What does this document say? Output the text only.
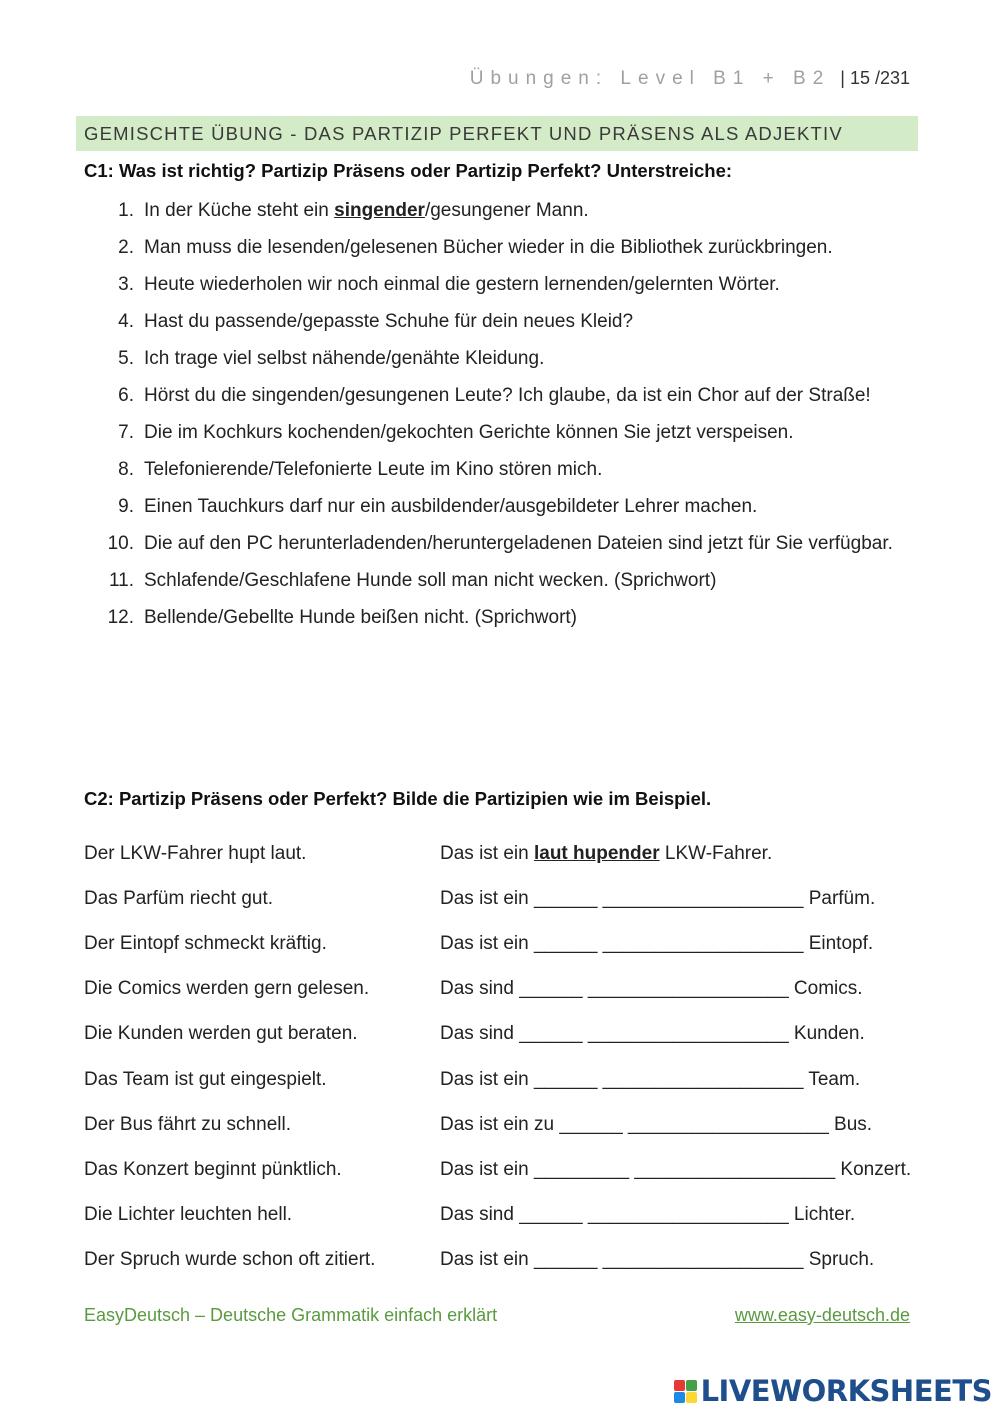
Übungen: Level B1 + B2 | 15 /231
GEMISCHTE ÜBUNG - DAS PARTIZIP PERFEKT UND PRÄSENS ALS ADJEKTIV
C1: Was ist richtig? Partizip Präsens oder Partizip Perfekt? Unterstreiche:
1. In der Küche steht ein singender/gesungener Mann.
2. Man muss die lesenden/gelesenen Bücher wieder in die Bibliothek zurückbringen.
3. Heute wiederholen wir noch einmal die gestern lernenden/gelernten Wörter.
4. Hast du passende/gepasste Schuhe für dein neues Kleid?
5. Ich trage viel selbst nähende/genähte Kleidung.
6. Hörst du die singenden/gesungenen Leute? Ich glaube, da ist ein Chor auf der Straße!
7. Die im Kochkurs kochenden/gekochten Gerichte können Sie jetzt verspeisen.
8. Telefonierende/Telefonierte Leute im Kino stören mich.
9. Einen Tauchkurs darf nur ein ausbildender/ausgebildeter Lehrer machen.
10. Die auf den PC herunterladenden/heruntergeladenen Dateien sind jetzt für Sie verfügbar.
11. Schlafende/Geschlafene Hunde soll man nicht wecken. (Sprichwort)
12. Bellende/Gebellte Hunde beißen nicht. (Sprichwort)
C2: Partizip Präsens oder Perfekt? Bilde die Partizipien wie im Beispiel.
Der LKW-Fahrer hupt laut.	Das ist ein laut hupender LKW-Fahrer.
Das Parfüm riecht gut.	Das ist ein ______ ___________________ Parfüm.
Der Eintopf schmeckt kräftig.	Das ist ein ______ ___________________ Eintopf.
Die Comics werden gern gelesen.	Das sind ______ ___________________ Comics.
Die Kunden werden gut beraten.	Das sind ______ ___________________ Kunden.
Das Team ist gut eingespielt.	Das ist ein ______ ___________________ Team.
Der Bus fährt zu schnell.	Das ist ein zu ______ ___________________ Bus.
Das Konzert beginnt pünktlich.	Das ist ein _________ ___________________ Konzert.
Die Lichter leuchten hell.	Das sind ______ ___________________ Lichter.
Der Spruch wurde schon oft zitiert.	Das ist ein ______ ___________________ Spruch.
EasyDeutsch – Deutsche Grammatik einfach erklärt	www.easy-deutsch.de
LIVEWORKSHEETS
